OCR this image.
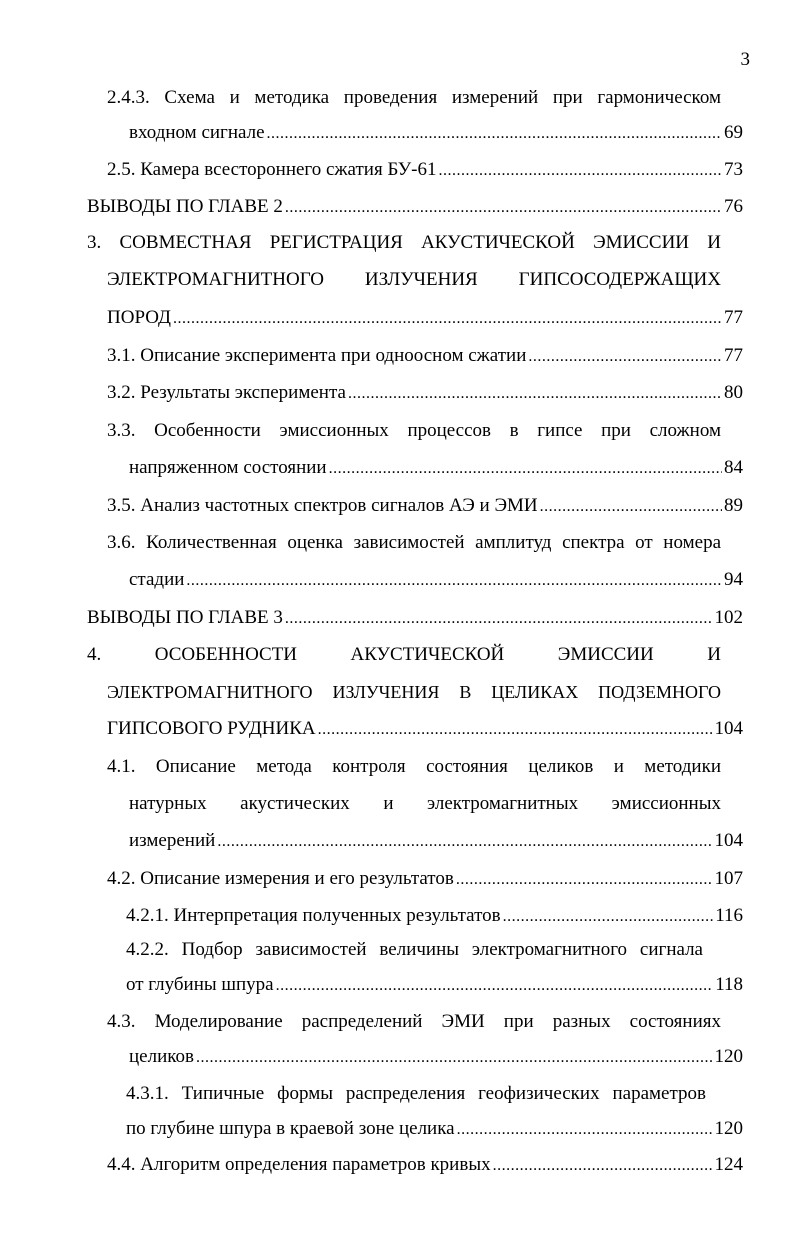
3
2.4.3. Схема и методика проведения измерений при гармоническом
входном сигнале .....	69
2.5. Камера всестороннего сжатия БУ-61 .....	73
ВЫВОДЫ ПО ГЛАВЕ 2 .....	76
3. СОВМЕСТНАЯ РЕГИСТРАЦИЯ АКУСТИЧЕСКОЙ ЭМИССИИ И
ЭЛЕКТРОМАГНИТНОГО ИЗЛУЧЕНИЯ ГИПСОСОДЕРЖАЩИХ
ПОРОД .....	77
3.1. Описание эксперимента при одноосном сжатии .....	77
3.2. Результаты эксперимента .....	80
3.3. Особенности эмиссионных процессов в гипсе при сложном
напряженном состоянии .....	84
3.5. Анализ частотных спектров сигналов АЭ и ЭМИ .....	89
3.6. Количественная оценка зависимостей амплитуд спектра от номера
стадии .....	94
ВЫВОДЫ ПО ГЛАВЕ 3 .....	102
4. ОСОБЕННОСТИ АКУСТИЧЕСКОЙ ЭМИССИИ И
ЭЛЕКТРОМАГНИТНОГО ИЗЛУЧЕНИЯ В ЦЕЛИКАХ ПОДЗЕМНОГО
ГИПСОВОГО РУДНИКА .....	104
4.1. Описание метода контроля состояния целиков и методики
натурных акустических и электромагнитных эмиссионных
измерений .....	104
4.2. Описание измерения и его результатов .....	107
4.2.1. Интерпретация полученных результатов .....	116
4.2.2. Подбор зависимостей величины электромагнитного сигнала
от глубины шпура .....	118
4.3. Моделирование распределений ЭМИ при разных состояниях
целиков .....	120
4.3.1. Типичные формы распределения геофизических параметров
по глубине шпура в краевой зоне целика .....	120
4.4. Алгоритм определения параметров кривых .....	124
